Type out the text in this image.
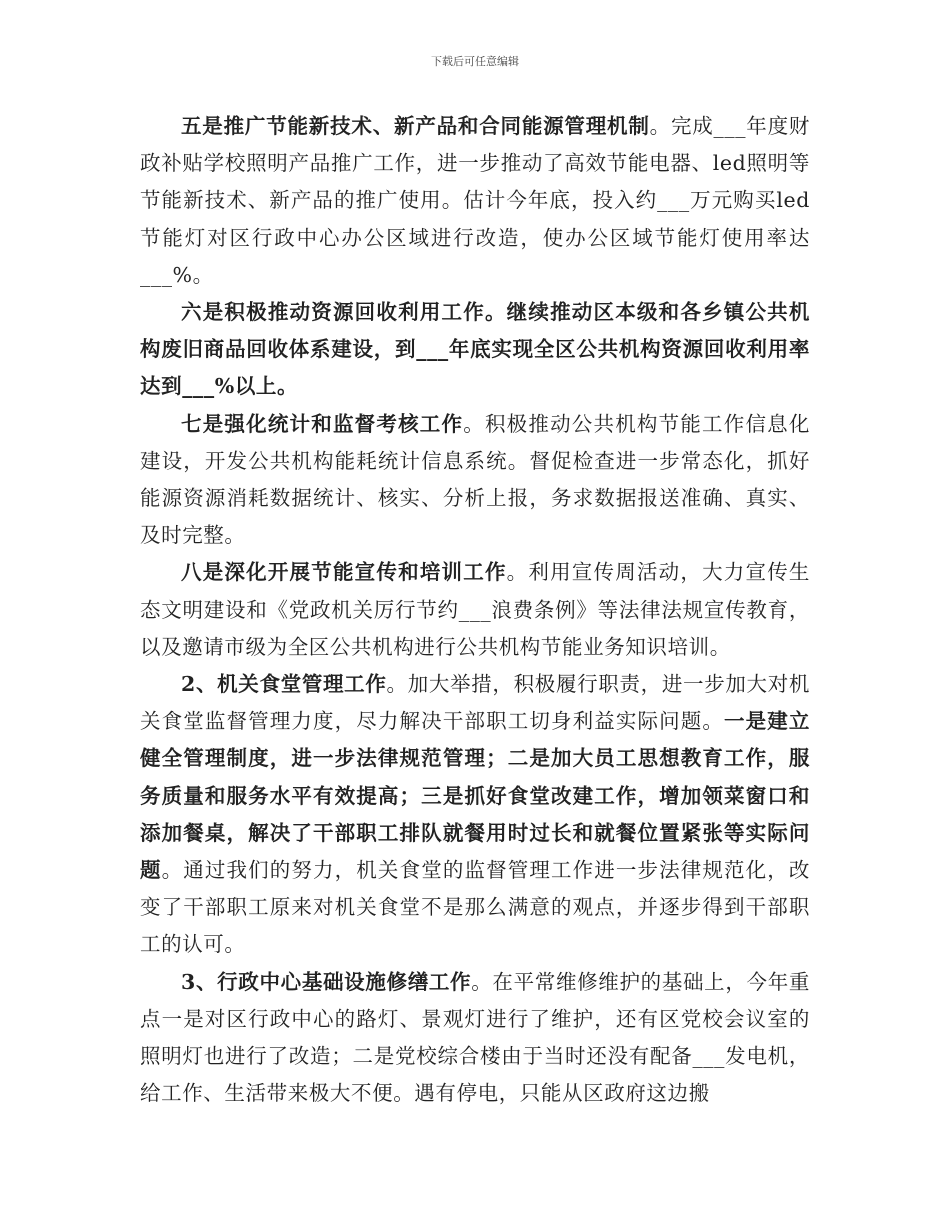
下载后可任意编辑

五是推广节能新技术、新产品和合同能源管理机制。完成___年度财政补贴学校照明产品推广工作，进一步推动了高效节能电器、led照明等节能新技术、新产品的推广使用。估计今年底，投入约___万元购买led节能灯对区行政中心办公区域进行改造，使办公区域节能灯使用率达___%。

六是积极推动资源回收利用工作。继续推动区本级和各乡镇公共机构废旧商品回收体系建设，到___年底实现全区公共机构资源回收利用率达到___%以上。

七是强化统计和监督考核工作。积极推动公共机构节能工作信息化建设，开发公共机构能耗统计信息系统。督促检查进一步常态化，抓好能源资源消耗数据统计、核实、分析上报，务求数据报送准确、真实、及时完整。

八是深化开展节能宣传和培训工作。利用宣传周活动，大力宣传生态文明建设和《党政机关厉行节约___浪费条例》等法律法规宣传教育，以及邀请市级为全区公共机构进行公共机构节能业务知识培训。

2、机关食堂管理工作。加大举措，积极履行职责，进一步加大对机关食堂监督管理力度，尽力解决干部职工切身利益实际问题。一是建立健全管理制度，进一步法律规范管理；二是加大员工思想教育工作，服务质量和服务水平有效提高；三是抓好食堂改建工作，增加领菜窗口和添加餐桌，解决了干部职工排队就餐用时过长和就餐位置紧张等实际问题。通过我们的努力，机关食堂的监督管理工作进一步法律规范化，改变了干部职工原来对机关食堂不是那么满意的观点，并逐步得到干部职工的认可。

3、行政中心基础设施修缮工作。在平常维修维护的基础上，今年重点一是对区行政中心的路灯、景观灯进行了维护，还有区党校会议室的照明灯也进行了改造；二是党校综合楼由于当时还没有配备___发电机，给工作、生活带来极大不便。遇有停电，只能从区政府这边搬
